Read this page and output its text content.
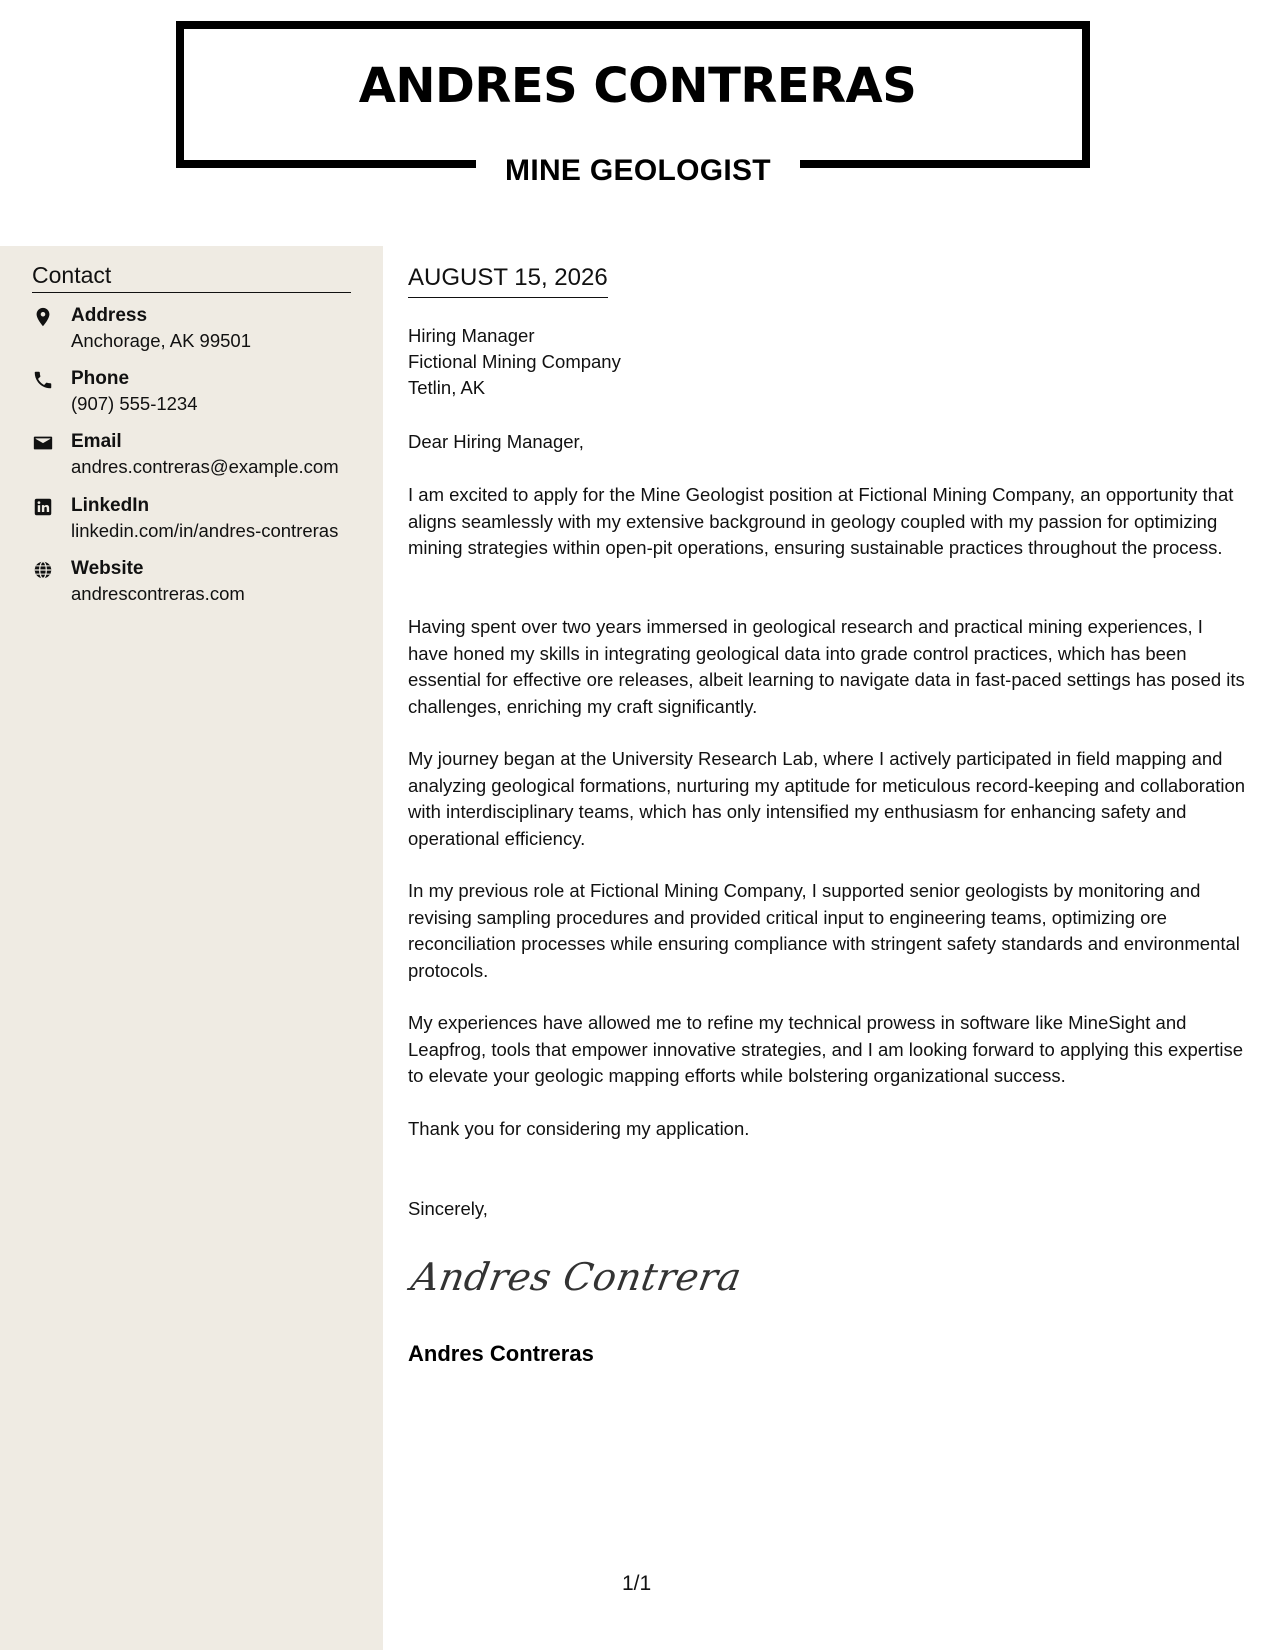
ANDRES CONTRERAS
MINE GEOLOGIST
Contact
Address
Anchorage, AK 99501
Phone
(907) 555-1234
Email
andres.contreras@example.com
LinkedIn
linkedin.com/in/andres-contreras
Website
andrescontreras.com
AUGUST 15, 2026
Hiring Manager
Fictional Mining Company
Tetlin, AK
Dear Hiring Manager,
I am excited to apply for the Mine Geologist position at Fictional Mining Company, an opportunity that aligns seamlessly with my extensive background in geology coupled with my passion for optimizing mining strategies within open-pit operations, ensuring sustainable practices throughout the process.
Having spent over two years immersed in geological research and practical mining experiences, I have honed my skills in integrating geological data into grade control practices, which has been essential for effective ore releases, albeit learning to navigate data in fast-paced settings has posed its challenges, enriching my craft significantly.
My journey began at the University Research Lab, where I actively participated in field mapping and analyzing geological formations, nurturing my aptitude for meticulous record-keeping and collaboration with interdisciplinary teams, which has only intensified my enthusiasm for enhancing safety and operational efficiency.
In my previous role at Fictional Mining Company, I supported senior geologists by monitoring and revising sampling procedures and provided critical input to engineering teams, optimizing ore reconciliation processes while ensuring compliance with stringent safety standards and environmental protocols.
My experiences have allowed me to refine my technical prowess in software like MineSight and Leapfrog, tools that empower innovative strategies, and I am looking forward to applying this expertise to elevate your geologic mapping efforts while bolstering organizational success.
Thank you for considering my application.
Sincerely,
Andres Contrera
Andres Contreras
1/1
